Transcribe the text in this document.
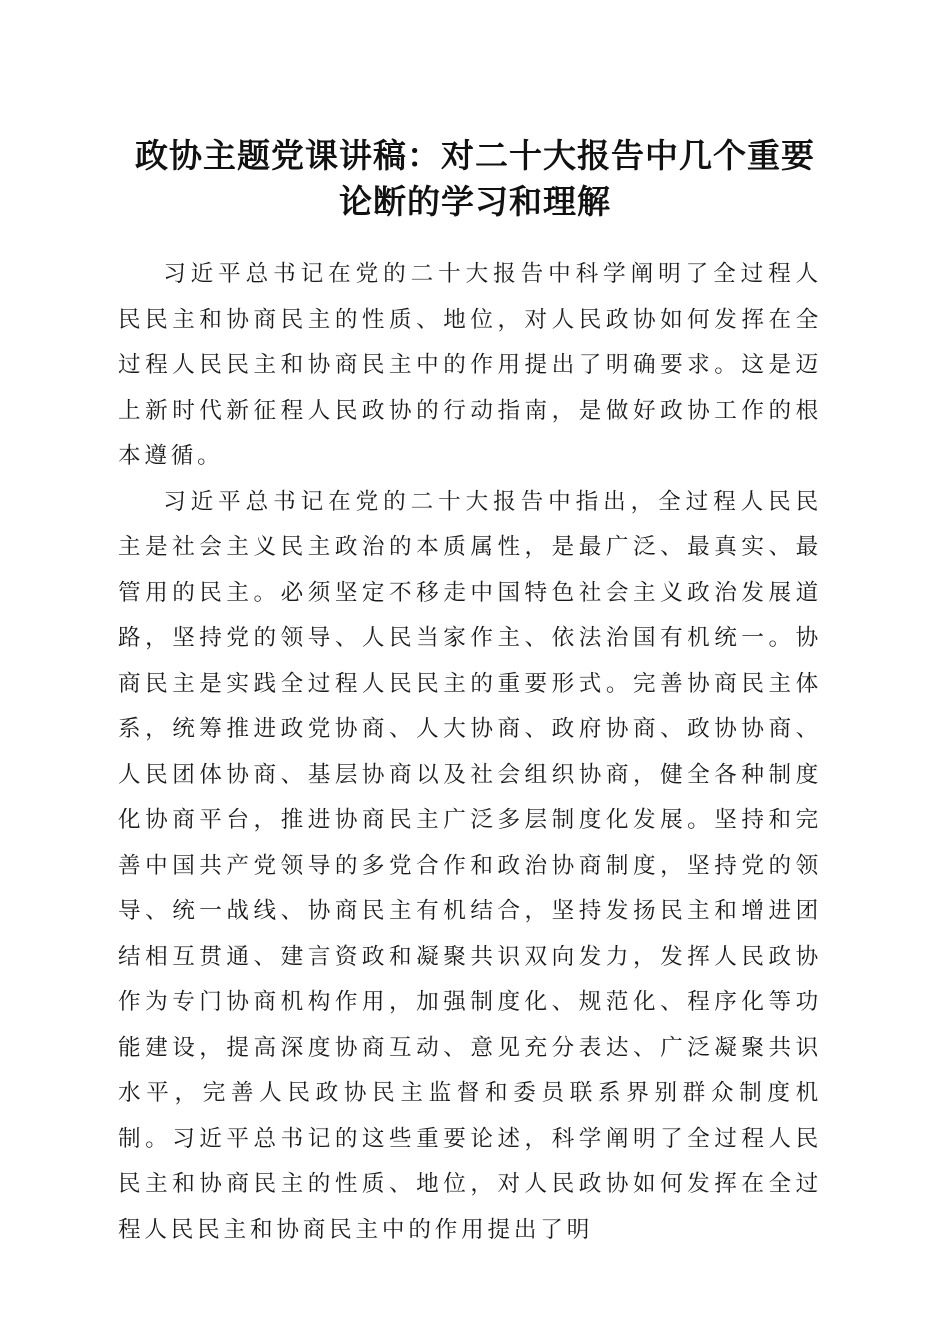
政协主题党课讲稿：对二十大报告中几个重要
论断的学习和理解

习近平总书记在党的二十大报告中科学阐明了全过程人民民主和协商民主的性质、地位，对人民政协如何发挥在全过程人民民主和协商民主中的作用提出了明确要求。这是迈上新时代新征程人民政协的行动指南，是做好政协工作的根本遵循。

习近平总书记在党的二十大报告中指出，全过程人民民主是社会主义民主政治的本质属性，是最广泛、最真实、最管用的民主。必须坚定不移走中国特色社会主义政治发展道路，坚持党的领导、人民当家作主、依法治国有机统一。协商民主是实践全过程人民民主的重要形式。完善协商民主体系，统筹推进政党协商、人大协商、政府协商、政协协商、人民团体协商、基层协商以及社会组织协商，健全各种制度化协商平台，推进协商民主广泛多层制度化发展。坚持和完善中国共产党领导的多党合作和政治协商制度，坚持党的领导、统一战线、协商民主有机结合，坚持发扬民主和增进团结相互贯通、建言资政和凝聚共识双向发力，发挥人民政协作为专门协商机构作用，加强制度化、规范化、程序化等功能建设，提高深度协商互动、意见充分表达、广泛凝聚共识水平，完善人民政协民主监督和委员联系界别群众制度机制。习近平总书记的这些重要论述，科学阐明了全过程人民民主和协商民主的性质、地位，对人民政协如何发挥在全过程人民民主和协商民主中的作用提出了明
